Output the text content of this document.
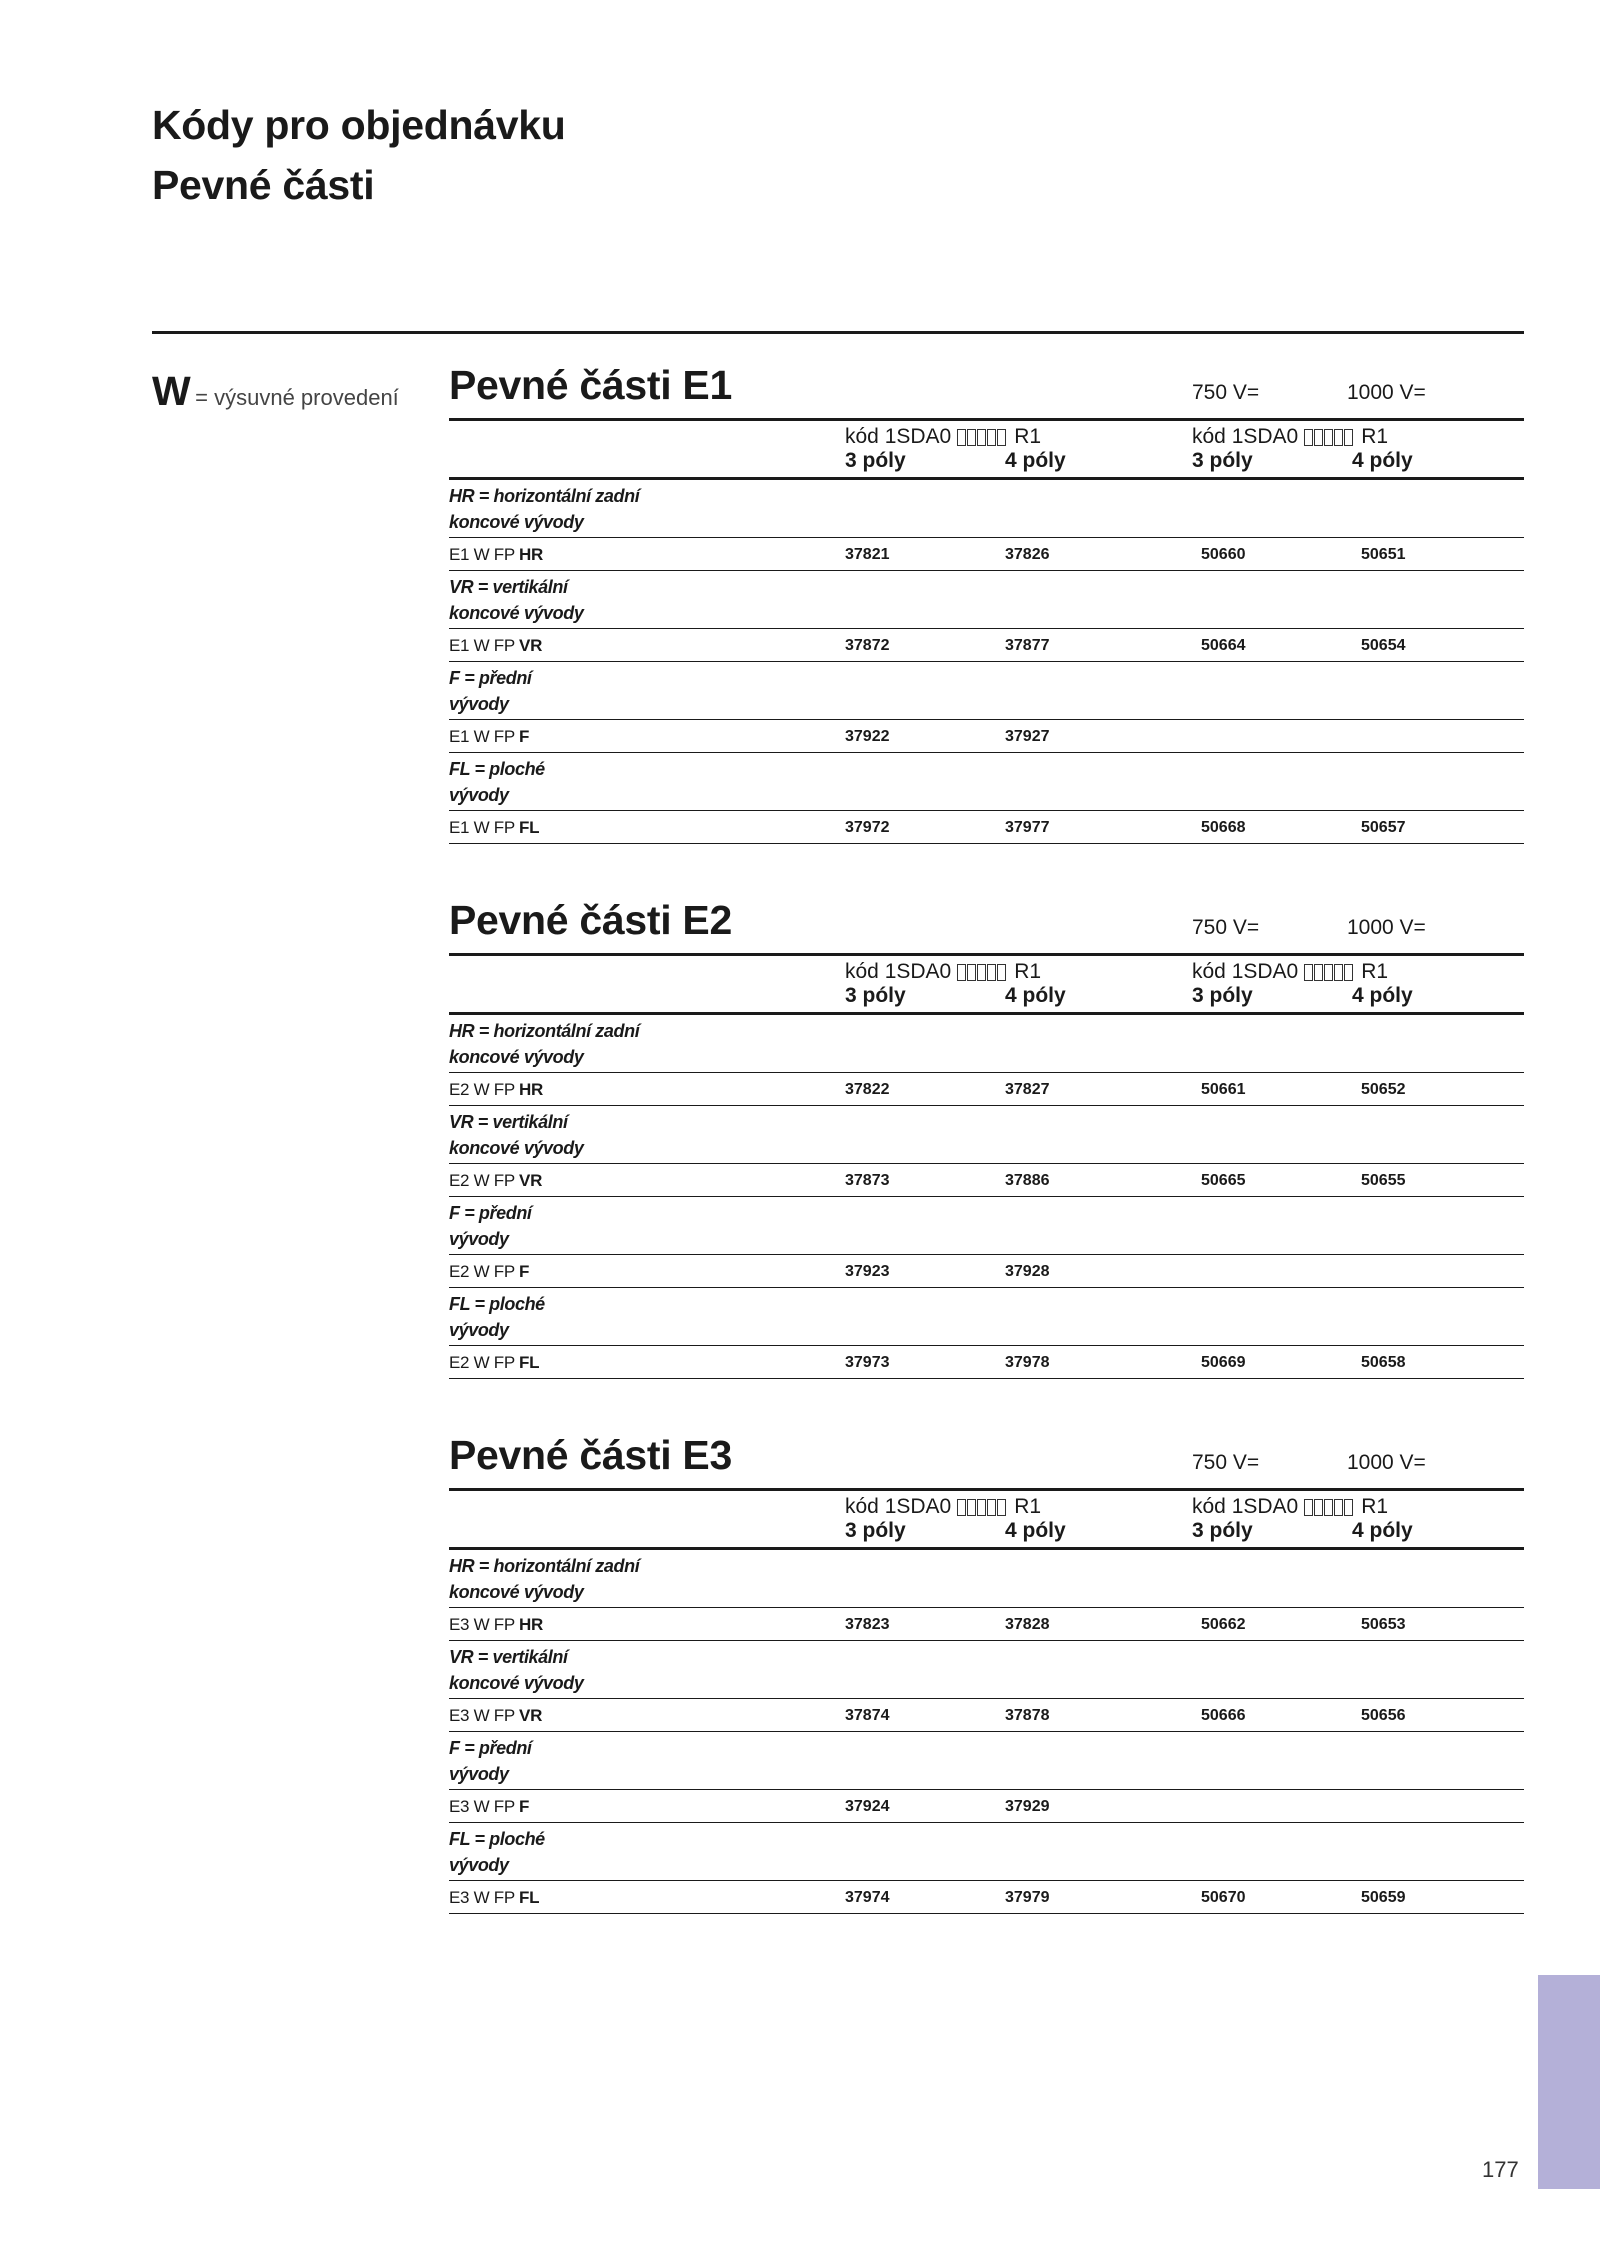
Kódy pro objednávku
Pevné části
W = výsuvné provedení Pevné části E1	750 V=	1000 V=
kód 1SDA0	R1	kód 1SDA0	R1
3 póly	4 póly	3 póly	4 póly
HR = horizontální zadní
koncové vývody
E1 W FP HR	37821	37826	50660	50651
VR = vertikální
koncové vývody
E1 W FP VR	37872	37877	50664	50654
F = přední
vývody
E1 W FP F	37922	37927
FL = ploché
vývody
E1 W FP FL	37972	37977	50668	50657
Pevné části E2	750 V=	1000 V=
kód 1SDA0	R1	kód 1SDA0	R1
3 póly	4 póly	3 póly	4 póly
HR = horizontální zadní
koncové vývody
E2 W FP HR	37822	37827	50661	50652
VR = vertikální
koncové vývody
E2 W FP VR	37873	37886	50665	50655
F = přední
vývody
E2 W FP F	37923	37928
FL = ploché
vývody
E2 W FP FL	37973	37978	50669	50658
Pevné části E3	750 V=	1000 V=
kód 1SDA0	R1	kód 1SDA0	R1
3 póly	4 póly	3 póly	4 póly
HR = horizontální zadní
koncové vývody
E3 W FP HR	37823	37828	50662	50653
VR = vertikální
koncové vývody
E3 W FP VR	37874	37878	50666	50656
F = přední
vývody
E3 W FP F	37924	37929
FL = ploché
vývody
E3 W FP FL	37974	37979	50670	50659
177
